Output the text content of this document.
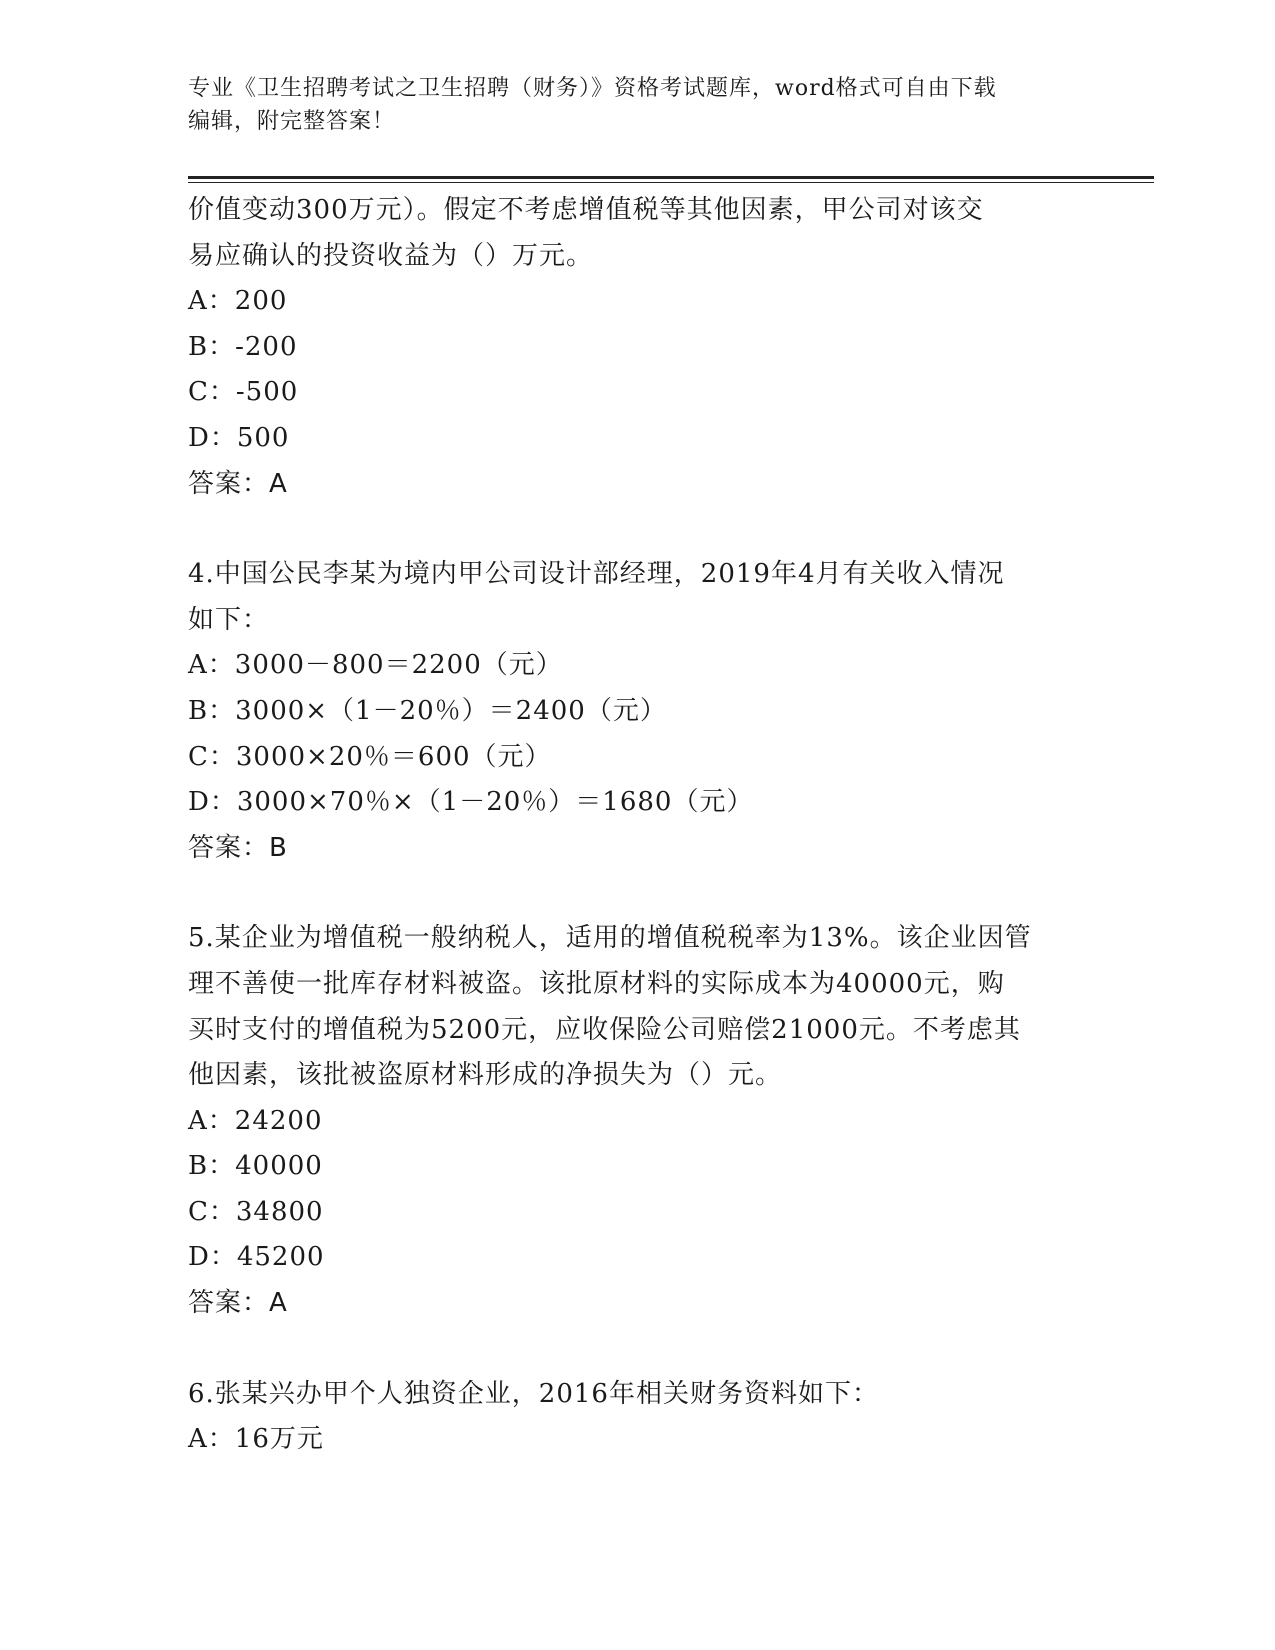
专业《卫生招聘考试之卫生招聘（财务）》资格考试题库，word格式可自由下载
编辑，附完整答案！
价值变动300万元）。假定不考虑增值税等其他因素，甲公司对该交
易应确认的投资收益为（）万元。
A：200
B：-200
C：-500
D：500
答案：A
4.中国公民李某为境内甲公司设计部经理，2019年4月有关收入情况
如下：
A：3000－800＝2200（元）
B：3000×（1－20％）＝2400（元）
C：3000×20％＝600（元）
D：3000×70％×（1－20％）＝1680（元）
答案：B
5.某企业为增值税一般纳税人，适用的增值税税率为13%。该企业因管
理不善使一批库存材料被盗。该批原材料的实际成本为40000元，购
买时支付的增值税为5200元，应收保险公司赔偿21000元。不考虑其
他因素，该批被盗原材料形成的净损失为（）元。
A：24200
B：40000
C：34800
D：45200
答案：A
6.张某兴办甲个人独资企业，2016年相关财务资料如下：
A：16万元
